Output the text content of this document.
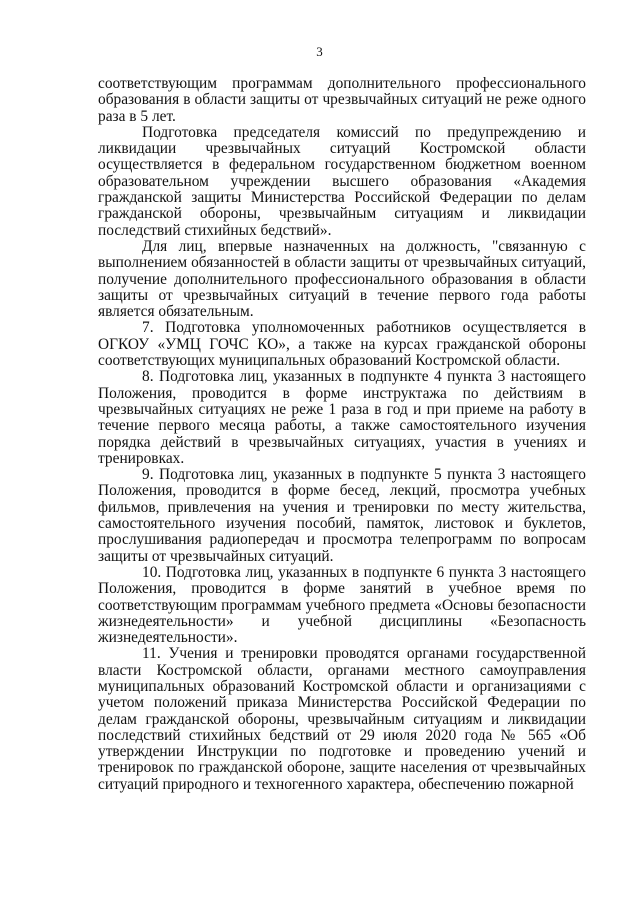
3

соответствующим программам дополнительного профессионального образования в области защиты от чрезвычайных ситуаций не реже одного раза в 5 лет.

Подготовка председателя комиссий по предупреждению и ликвидации чрезвычайных ситуаций Костромской области осуществляется в федеральном государственном бюджетном военном образовательном учреждении высшего образования «Академия гражданской защиты Министерства Российской Федерации по делам гражданской обороны, чрезвычайным ситуациям и ликвидации последствий стихийных бедствий».

Для лиц, впервые назначенных на должность, "связанную с выполнением обязанностей в области защиты от чрезвычайных ситуаций, получение дополнительного профессионального образования в области защиты от чрезвычайных ситуаций в течение первого года работы является обязательным.

7. Подготовка уполномоченных работников осуществляется в ОГКОУ «УМЦ ГОЧС КО», а также на курсах гражданской обороны соответствующих муниципальных образований Костромской области.

8. Подготовка лиц, указанных в подпункте 4 пункта 3 настоящего Положения, проводится в форме инструктажа по действиям в чрезвычайных ситуациях не реже 1 раза в год и при приеме на работу в течение первого месяца работы, а также самостоятельного изучения порядка действий в чрезвычайных ситуациях, участия в учениях и тренировках.

9. Подготовка лиц, указанных в подпункте 5 пункта 3 настоящего Положения, проводится в форме бесед, лекций, просмотра учебных фильмов, привлечения на учения и тренировки по месту жительства, самостоятельного изучения пособий, памяток, листовок и буклетов, прослушивания радиопередач и просмотра телепрограмм по вопросам защиты от чрезвычайных ситуаций.

10. Подготовка лиц, указанных в подпункте 6 пункта 3 настоящего Положения, проводится в форме занятий в учебное время по соответствующим программам учебного предмета «Основы безопасности жизнедеятельности» и учебной дисциплины «Безопасность жизнедеятельности».

11. Учения и тренировки проводятся органами государственной власти Костромской области, органами местного самоуправления муниципальных образований Костромской области и организациями с учетом положений приказа Министерства Российской Федерации по делам гражданской обороны, чрезвычайным ситуациям и ликвидации последствий стихийных бедствий от 29 июля 2020 года № 565 «Об утверждении Инструкции по подготовке и проведению учений и тренировок по гражданской обороне, защите населения от чрезвычайных ситуаций природного и техногенного характера, обеспечению пожарной
